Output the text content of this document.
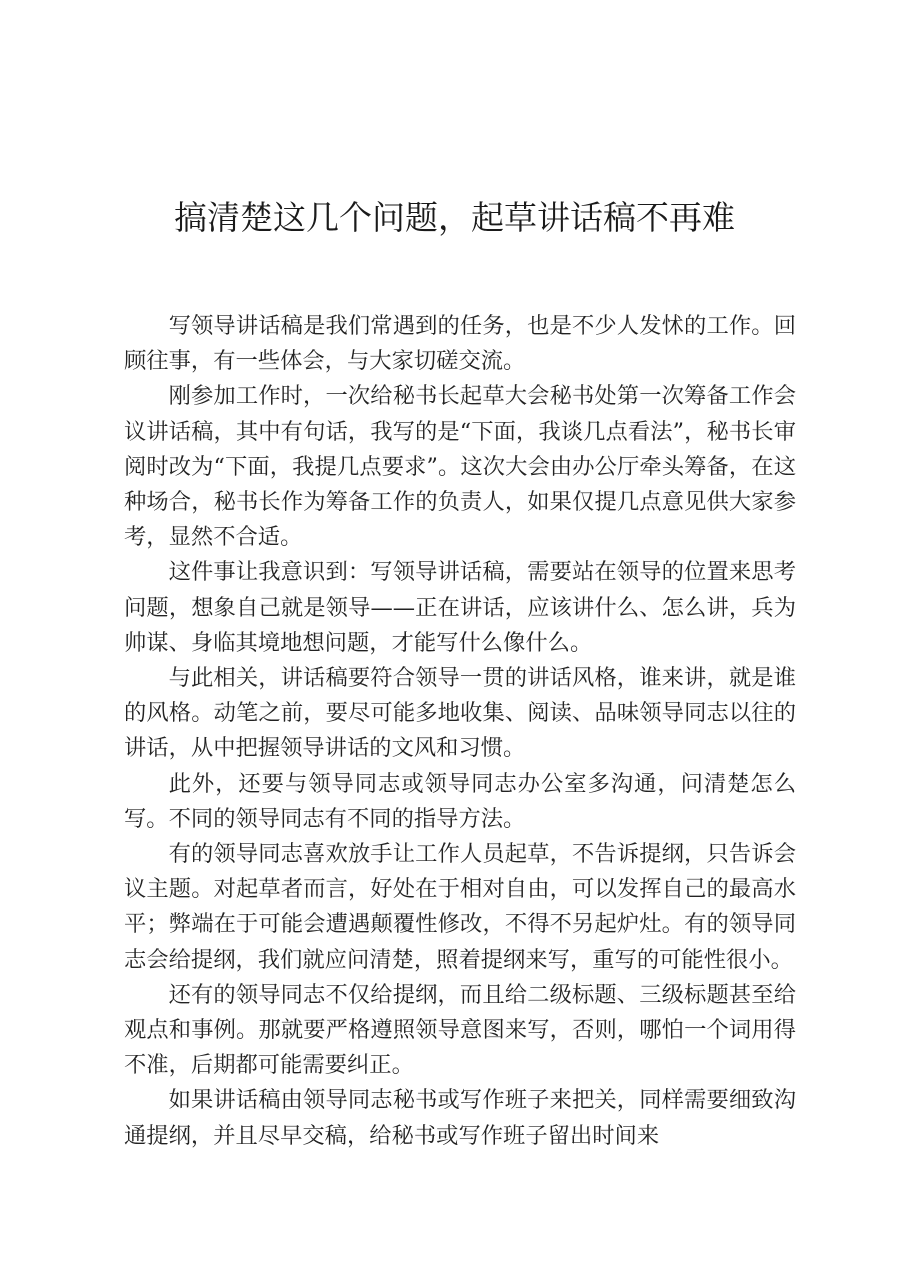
搞清楚这几个问题，起草讲话稿不再难

写领导讲话稿是我们常遇到的任务，也是不少人发怵的工作。回顾往事，有一些体会，与大家切磋交流。

刚参加工作时，一次给秘书长起草大会秘书处第一次筹备工作会议讲话稿，其中有句话，我写的是“下面，我谈几点看法”，秘书长审阅时改为“下面，我提几点要求”。这次大会由办公厅牵头筹备，在这种场合，秘书长作为筹备工作的负责人，如果仅提几点意见供大家参考，显然不合适。

这件事让我意识到：写领导讲话稿，需要站在领导的位置来思考问题，想象自己就是领导——正在讲话，应该讲什么、怎么讲，兵为帅谋、身临其境地想问题，才能写什么像什么。

与此相关，讲话稿要符合领导一贯的讲话风格，谁来讲，就是谁的风格。动笔之前，要尽可能多地收集、阅读、品味领导同志以往的讲话，从中把握领导讲话的文风和习惯。

此外，还要与领导同志或领导同志办公室多沟通，问清楚怎么写。不同的领导同志有不同的指导方法。

有的领导同志喜欢放手让工作人员起草，不告诉提纲，只告诉会议主题。对起草者而言，好处在于相对自由，可以发挥自己的最高水平；弊端在于可能会遭遇颠覆性修改，不得不另起炉灶。有的领导同志会给提纲，我们就应问清楚，照着提纲来写，重写的可能性很小。

还有的领导同志不仅给提纲，而且给二级标题、三级标题甚至给观点和事例。那就要严格遵照领导意图来写，否则，哪怕一个词用得不准，后期都可能需要纠正。

如果讲话稿由领导同志秘书或写作班子来把关，同样需要细致沟通提纲，并且尽早交稿，给秘书或写作班子留出时间来
